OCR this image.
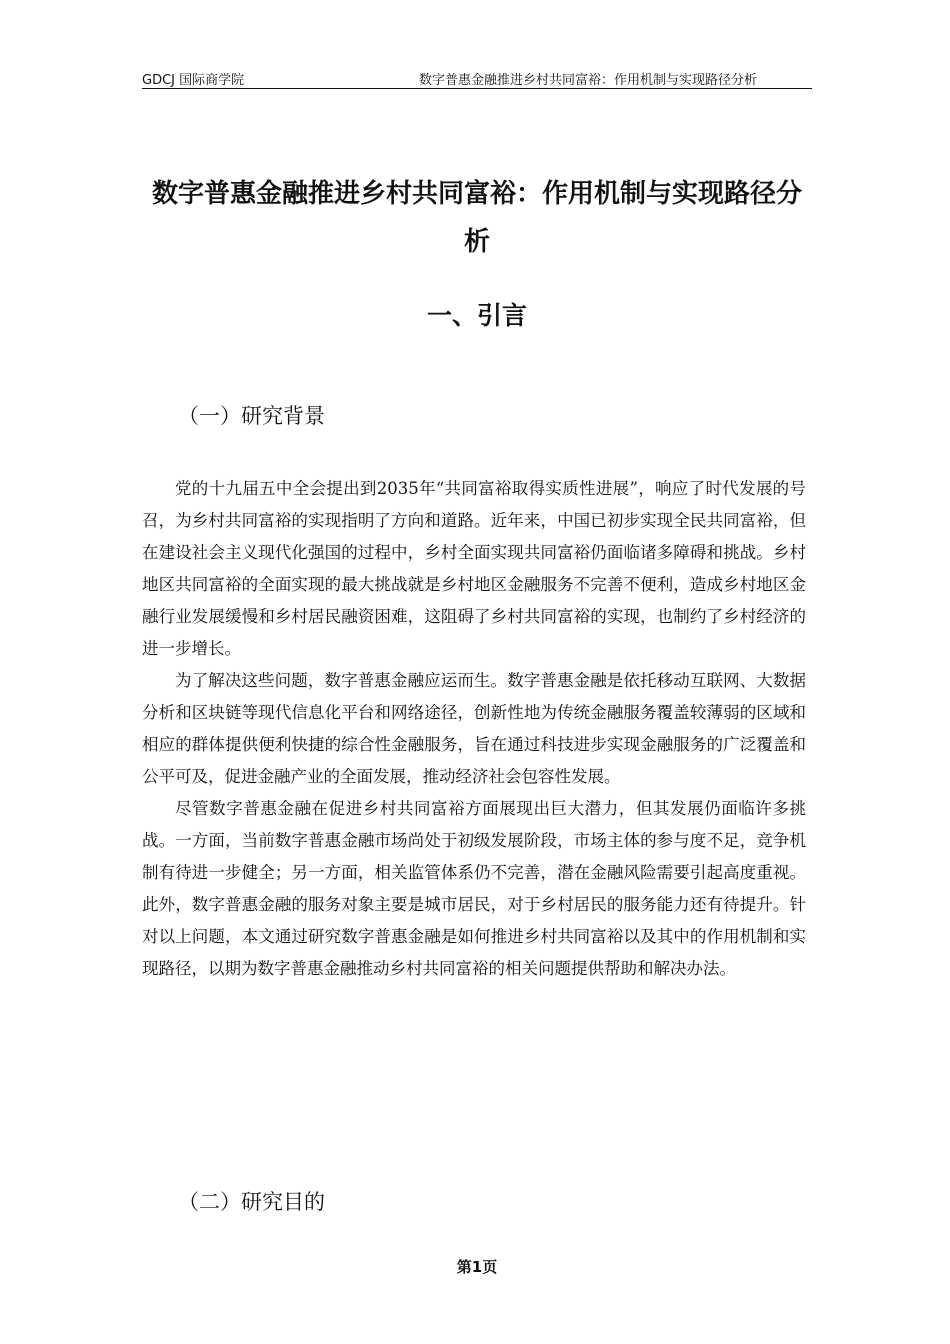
GDCJ 国际商学院	数字普惠金融推进乡村共同富裕：作用机制与实现路径分析
数字普惠金融推进乡村共同富裕：作用机制与实现路径分析
一、引言
（一）研究背景

党的十九届五中全会提出到2035年“共同富裕取得实质性进展”，响应了时代发展的号召，为乡村共同富裕的实现指明了方向和道路。近年来，中国已初步实现全民共同富裕，但在建设社会主义现代化强国的过程中，乡村全面实现共同富裕仍面临诸多障碍和挑战。乡村地区共同富裕的全面实现的最大挑战就是乡村地区金融服务不完善不便利，造成乡村地区金融行业发展缓慢和乡村居民融资困难，这阻碍了乡村共同富裕的实现，也制约了乡村经济的进一步增长。

为了解决这些问题，数字普惠金融应运而生。数字普惠金融是依托移动互联网、大数据分析和区块链等现代信息化平台和网络途径，创新性地为传统金融服务覆盖较薄弱的区域和相应的群体提供便利快捷的综合性金融服务，旨在通过科技进步实现金融服务的广泛覆盖和公平可及，促进金融产业的全面发展，推动经济社会包容性发展。

尽管数字普惠金融在促进乡村共同富裕方面展现出巨大潜力，但其发展仍面临许多挑战。一方面，当前数字普惠金融市场尚处于初级发展阶段，市场主体的参与度不足，竞争机制有待进一步健全；另一方面，相关监管体系仍不完善，潜在金融风险需要引起高度重视。此外，数字普惠金融的服务对象主要是城市居民，对于乡村居民的服务能力还有待提升。针对以上问题，本文通过研究数字普惠金融是如何推进乡村共同富裕以及其中的作用机制和实现路径，以期为数字普惠金融推动乡村共同富裕的相关问题提供帮助和解决办法。

（二）研究目的
第1页
